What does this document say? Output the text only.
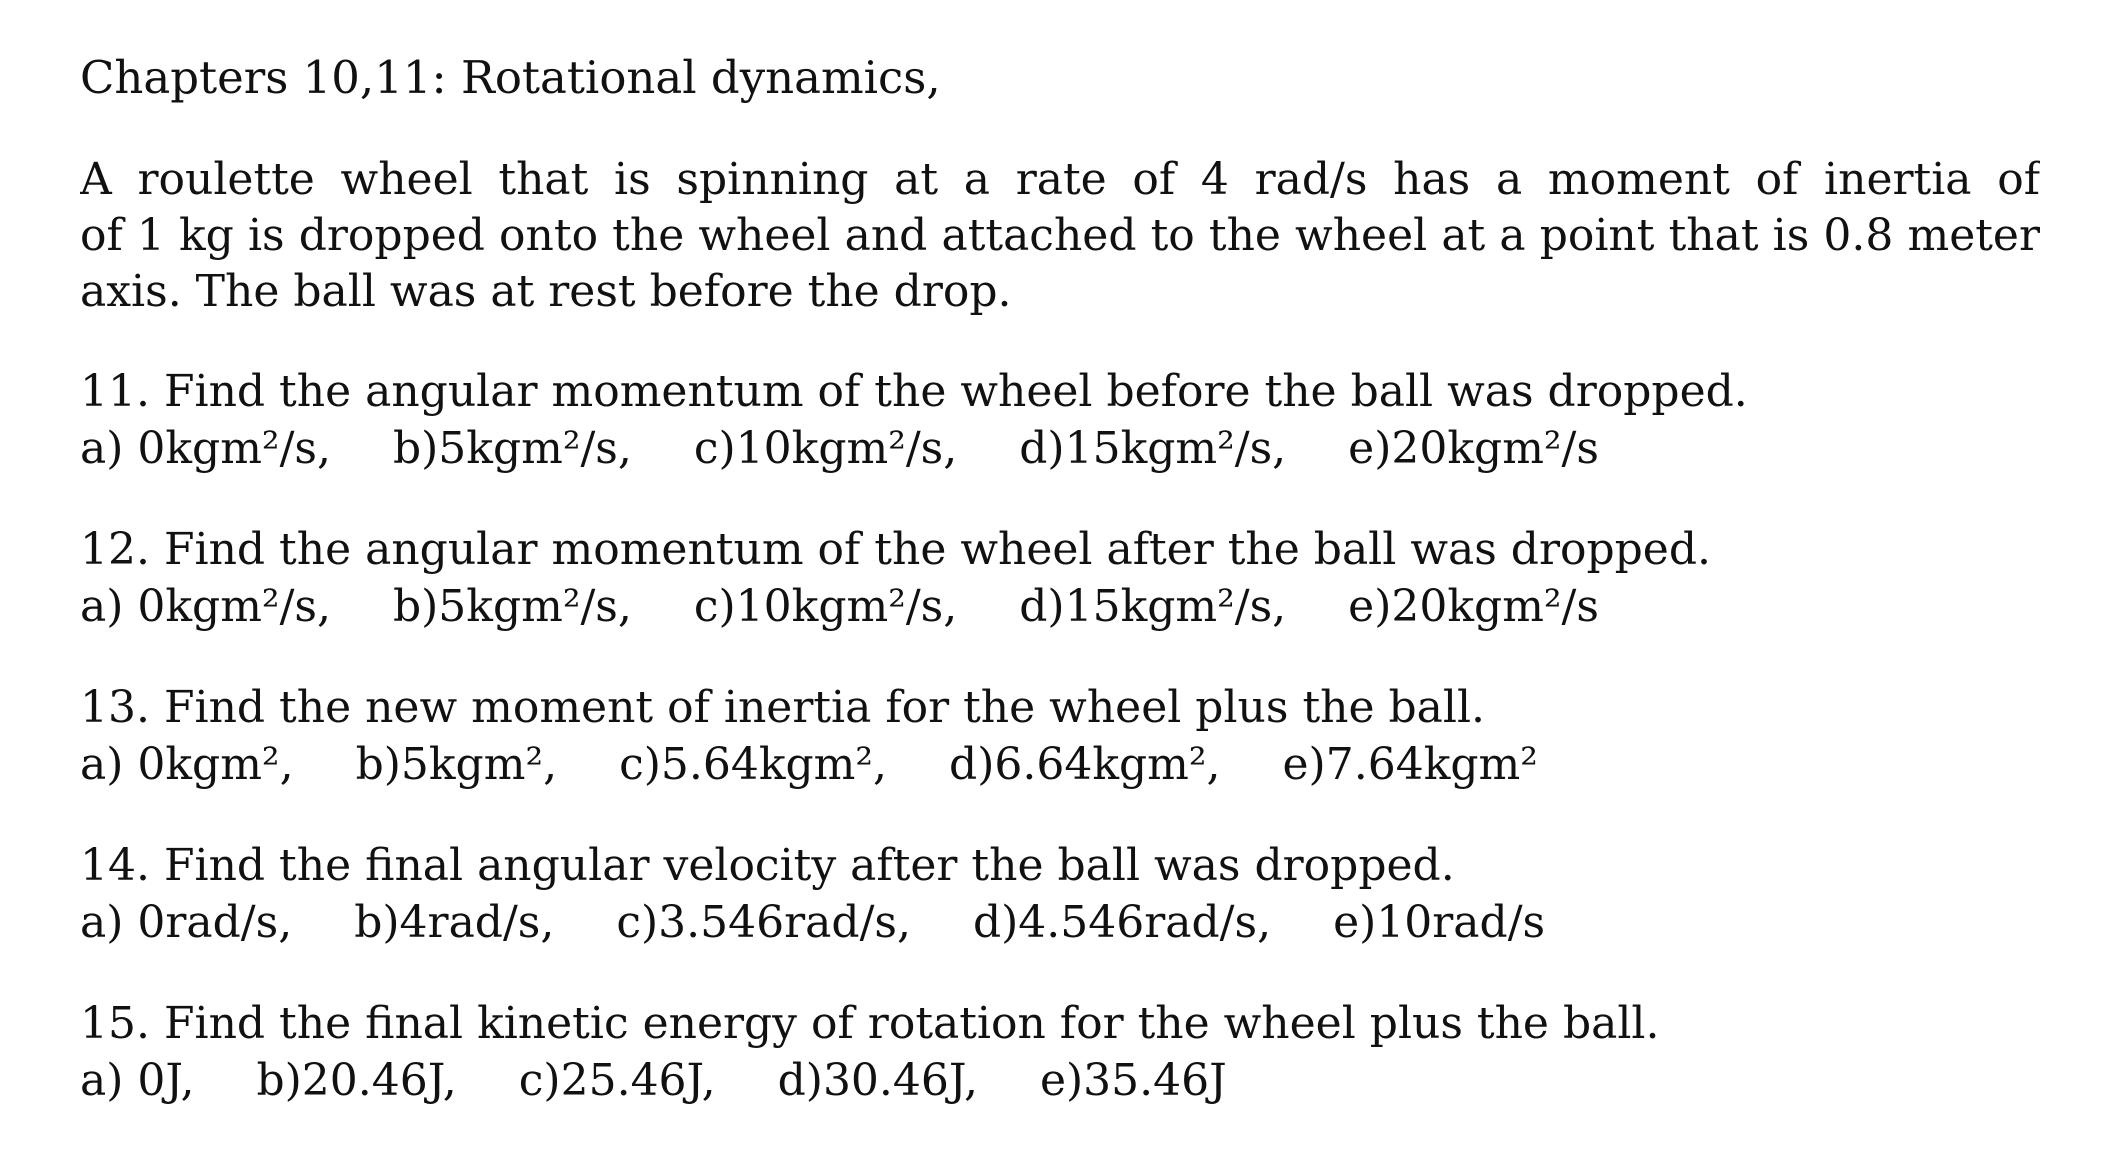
Chapters 10,11: Rotational dynamics,
A roulette wheel that is spinning at a rate of 4 rad/s has a moment of inertia of
of 1 kg is dropped onto the wheel and attached to the wheel at a point that is 0.8 meter
axis. The ball was at rest before the drop.
11. Find the angular momentum of the wheel before the ball was dropped.
a) 0kgm²/s, b)5kgm²/s, c)10kgm²/s, d)15kgm²/s, e)20kgm²/s
12. Find the angular momentum of the wheel after the ball was dropped.
a) 0kgm²/s, b)5kgm²/s, c)10kgm²/s, d)15kgm²/s, e)20kgm²/s
13. Find the new moment of inertia for the wheel plus the ball.
a) 0kgm², b)5kgm², c)5.64kgm², d)6.64kgm², e)7.64kgm²
14. Find the final angular velocity after the ball was dropped.
a) 0rad/s, b)4rad/s, c)3.546rad/s, d)4.546rad/s, e)10rad/s
15. Find the final kinetic energy of rotation for the wheel plus the ball.
a) 0J, b)20.46J, c)25.46J, d)30.46J, e)35.46J
